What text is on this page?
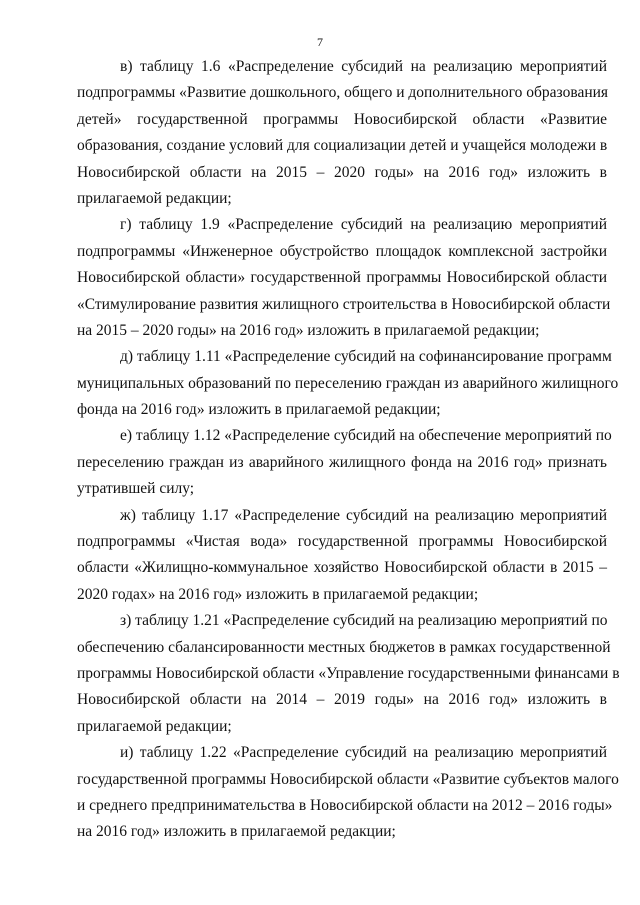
7

в) таблицу 1.6 «Распределение субсидий на реализацию мероприятий
подпрограммы «Развитие дошкольного, общего и дополнительного образования
детей» государственной программы Новосибирской области «Развитие
образования, создание условий для социализации детей и учащейся молодежи в
Новосибирской области на 2015 – 2020 годы» на 2016 год» изложить в
прилагаемой редакции;

г) таблицу 1.9 «Распределение субсидий на реализацию мероприятий
подпрограммы «Инженерное обустройство площадок комплексной застройки
Новосибирской области» государственной программы Новосибирской области
«Стимулирование развития жилищного строительства в Новосибирской области
на 2015 – 2020 годы» на 2016 год» изложить в прилагаемой редакции;

д) таблицу 1.11 «Распределение субсидий на софинансирование программ
муниципальных образований по переселению граждан из аварийного жилищного
фонда на 2016 год» изложить в прилагаемой редакции;

е) таблицу 1.12 «Распределение субсидий на обеспечение мероприятий по
переселению граждан из аварийного жилищного фонда на 2016 год» признать
утратившей силу;

ж) таблицу 1.17 «Распределение субсидий на реализацию мероприятий
подпрограммы «Чистая вода» государственной программы Новосибирской
области «Жилищно-коммунальное хозяйство Новосибирской области в 2015 –
2020 годах» на 2016 год» изложить в прилагаемой редакции;

з) таблицу 1.21 «Распределение субсидий на реализацию мероприятий по
обеспечению сбалансированности местных бюджетов в рамках государственной
программы Новосибирской области «Управление государственными финансами в
Новосибирской области на 2014 – 2019 годы» на 2016 год» изложить в
прилагаемой редакции;

и) таблицу 1.22 «Распределение субсидий на реализацию мероприятий
государственной программы Новосибирской области «Развитие субъектов малого
и среднего предпринимательства в Новосибирской области на 2012 – 2016 годы»
на 2016 год» изложить в прилагаемой редакции;
